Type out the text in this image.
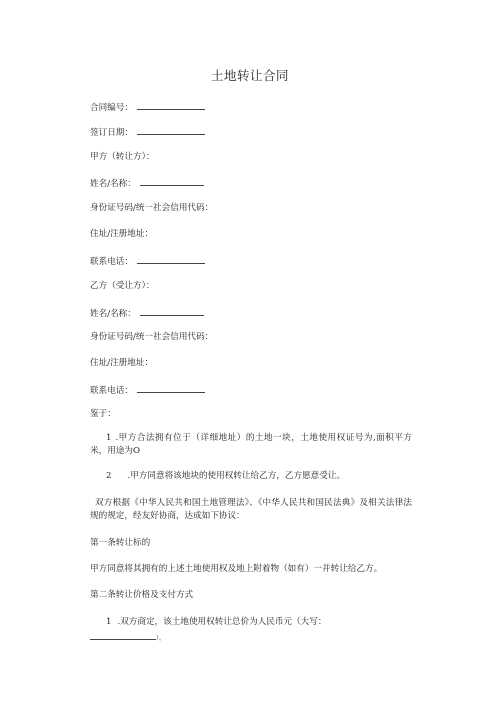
土地转让合同
合同编号：
签订日期：
甲方（转让方）：
姓名/名称：
身份证号码/统一社会信用代码：
住址/注册地址：
联系电话：
乙方（受让方）：
姓名/名称：
身份证号码/统一社会信用代码：
住址/注册地址：
联系电话：
鉴于：
1 .甲方合法拥有位于（详细地址）的土地一块，土地使用权证号为,面积平方米，用途为O
2 .甲方同意将该地块的使用权转让给乙方，乙方愿意受让。
双方根据《中华人民共和国土地管理法》、《中华人民共和国民法典》及相关法律法规的规定，经友好协商，达成如下协议：
第一条转让标的
甲方同意将其拥有的上述土地使用权及地上附着物（如有）一并转让给乙方。
第二条转让价格及支付方式
1 .双方商定，该土地使用权转让总价为人民币元（大写：
）。
